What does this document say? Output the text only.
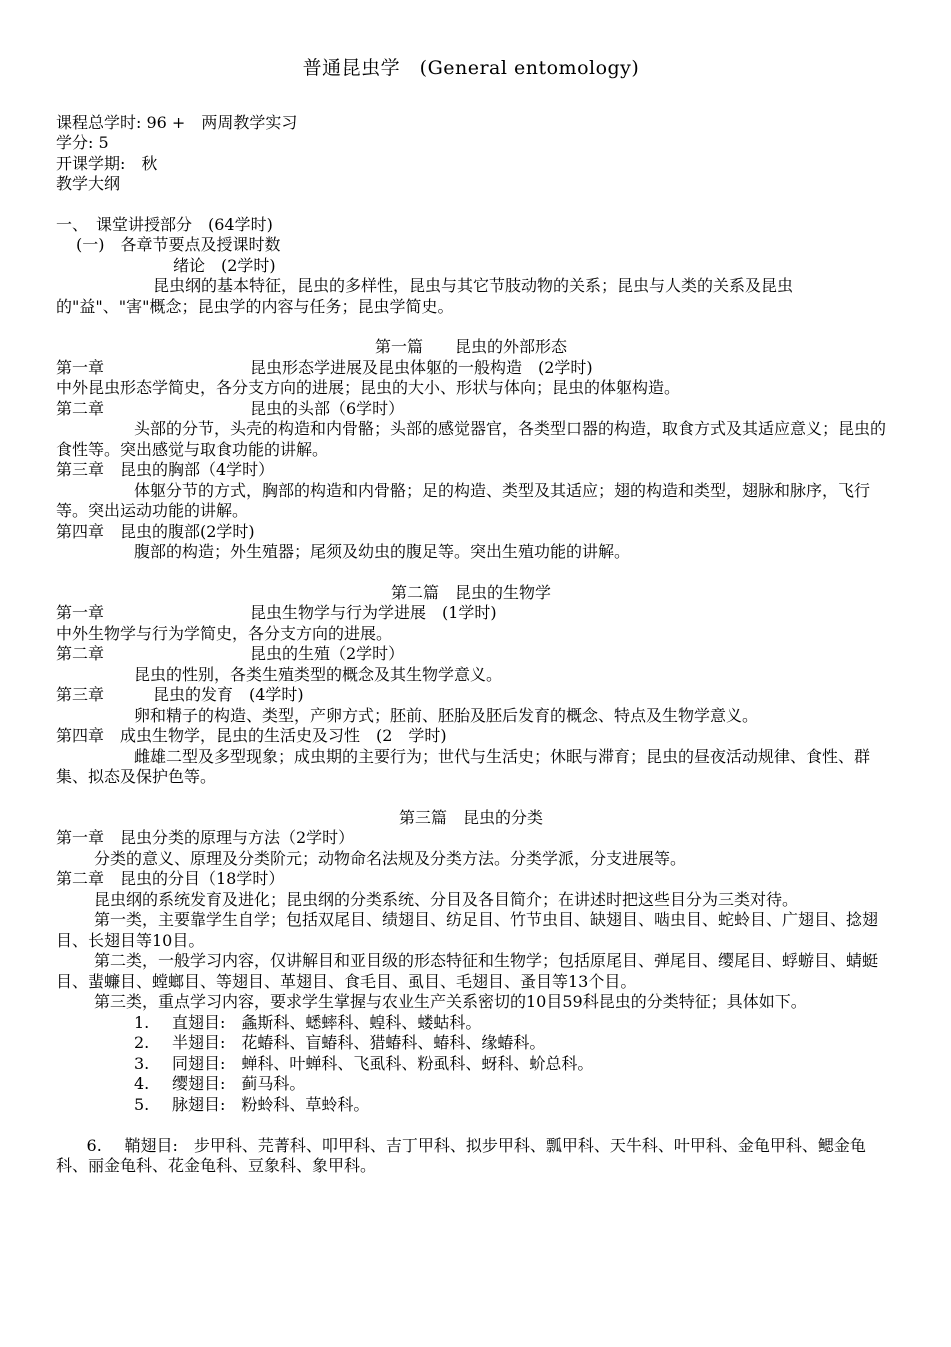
普通昆虫学　(General entomology)
课程总学时: 96 +　两周教学实习
学分: 5
开课学期:　秋
教学大纲
一、　课堂讲授部分　(64学时)
(一)　各章节要点及授课时数
绪论　(2学时)
昆虫纲的基本特征，昆虫的多样性，昆虫与其它节肢动物的关系；昆虫与人类的关系及昆虫的"益"、"害"概念；昆虫学的内容与任务；昆虫学简史。
第一篇　　昆虫的外部形态
第一章	昆虫形态学进展及昆虫体躯的一般构造　(2学时)
中外昆虫形态学简史，各分支方向的进展；昆虫的大小、形状与体向；昆虫的体躯构造。
第二章	昆虫的头部（6学时）
头部的分节，头壳的构造和内骨骼；头部的感觉器官，各类型口器的构造，取食方式及其适应意义；昆虫的食性等。突出感觉与取食功能的讲解。
第三章　昆虫的胸部（4学时）
体躯分节的方式，胸部的构造和内骨骼；足的构造、类型及其适应；翅的构造和类型，翅脉和脉序，飞行等。突出运动功能的讲解。
第四章　昆虫的腹部(2学时)
腹部的构造；外生殖器；尾须及幼虫的腹足等。突出生殖功能的讲解。
第二篇　昆虫的生物学
第一章	昆虫生物学与行为学进展　(1学时)
中外生物学与行为学简史，各分支方向的进展。
第二章	昆虫的生殖（2学时）
昆虫的性别，各类生殖类型的概念及其生物学意义。
第三章	昆虫的发育　(4学时)
卵和精子的构造、类型，产卵方式；胚前、胚胎及胚后发育的概念、特点及生物学意义。
第四章　成虫生物学，昆虫的生活史及习性　(2　学时)
雌雄二型及多型现象；成虫期的主要行为；世代与生活史；休眠与滞育；昆虫的昼夜活动规律、食性、群集、拟态及保护色等。
第三篇　昆虫的分类
第一章　昆虫分类的原理与方法（2学时）
分类的意义、原理及分类阶元；动物命名法规及分类方法。分类学派，分支进展等。
第二章　昆虫的分目（18学时）
昆虫纲的系统发育及进化；昆虫纲的分类系统、分目及各目简介；在讲述时把这些目分为三类对待。
第一类，主要靠学生自学；包括双尾目、绩翅目、纺足目、竹节虫目、缺翅目、啮虫目、蛇蛉目、广翅目、捻翅目、长翅目等10目。
第二类，一般学习内容，仅讲解目和亚目级的形态特征和生物学；包括原尾目、弹尾目、缨尾目、蜉蝣目、蜻蜓目、蜚蠊目、螳螂目、等翅目、革翅目、食毛目、虱目、毛翅目、蚤目等13个目。
第三类，重点学习内容，要求学生掌握与农业生产关系密切的10目59科昆虫的分类特征；具体如下。
1.	直翅目:　螽斯科、蟋蟀科、蝗科、蝼蛄科。
2.	半翅目:　花蝽科、盲蝽科、猎蝽科、蝽科、缘蝽科。
3.	同翅目:　蝉科、叶蝉科、飞虱科、粉虱科、蚜科、蚧总科。
4.	缨翅目:　蓟马科。
5.	脉翅目:　粉蛉科、草蛉科。

6. 鞘翅目:　步甲科、芫菁科、叩甲科、吉丁甲科、拟步甲科、瓢甲科、天牛科、叶甲科、金龟甲科、鳃金龟科、丽金龟科、花金龟科、豆象科、象甲科。
